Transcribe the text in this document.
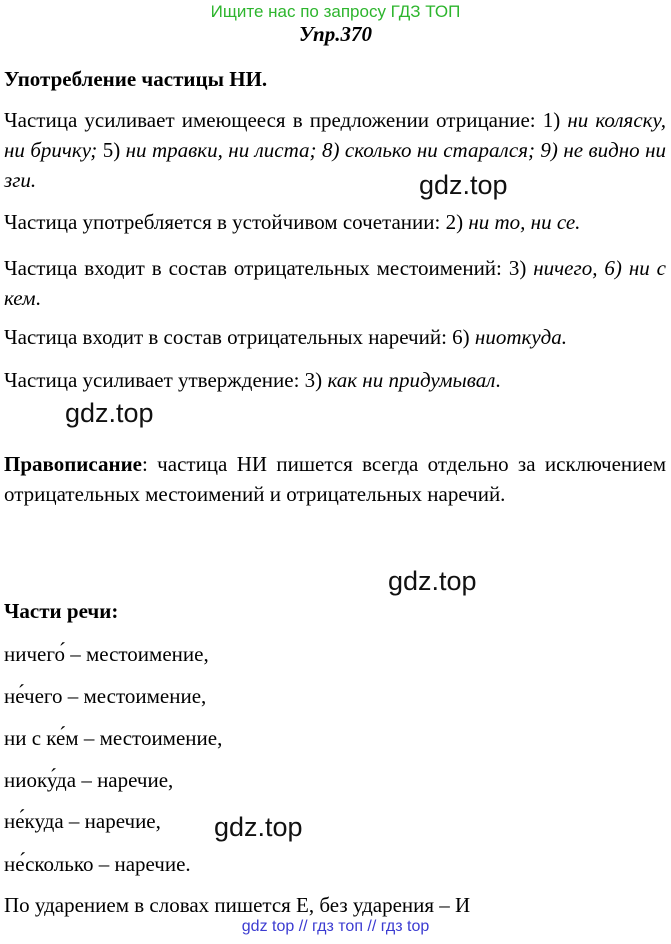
Ищите нас по запросу ГДЗ ТОП
Упр.370
Употребление частицы НИ.
Частица усиливает имеющееся в предложении отрицание: 1) ни коляску, ни бричку; 5) ни травки, ни листа; 8) сколько ни старался; 9) не видно ни зги.
Частица употребляется в устойчивом сочетании: 2) ни то, ни се.
Частица входит в состав отрицательных местоимений: 3) ничего, 6) ни с кем.
Частица входит в состав отрицательных наречий: 6) ниоткуда.
Частица усиливает утверждение: 3) как ни придумывал.
Правописание: частица НИ пишется всегда отдельно за исключением отрицательных местоимений и отрицательных наречий.
Части речи:
ничего́ – местоимение,
не́чего – местоимение,
ни с ке́м – местоимение,
ниоку́да – наречие,
не́куда – наречие,
не́сколько – наречие.
По ударением в словах пишется Е, без ударения – И
gdz.top
gdz.top
gdz.top
gdz.top
gdz top // гдз топ // гдз top
